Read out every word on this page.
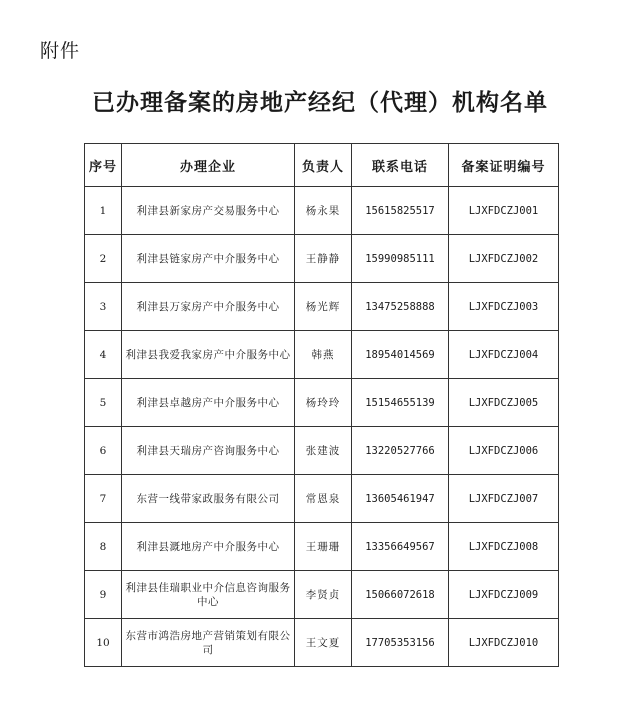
附件
已办理备案的房地产经纪（代理）机构名单
序号	办理企业	负责人	联系电话	备案证明编号
1	利津县新家房产交易服务中心	杨永果	15615825517	LJXFDCZJ001
2	利津县链家房产中介服务中心	王静静	15990985111	LJXFDCZJ002
3	利津县万家房产中介服务中心	杨光辉	13475258888	LJXFDCZJ003
4	利津县我爱我家房产中介服务中心	韩燕	18954014569	LJXFDCZJ004
5	利津县卓越房产中介服务中心	杨玲玲	15154655139	LJXFDCZJ005
6	利津县天瑞房产咨询服务中心	张建波	13220527766	LJXFDCZJ006
7	东营一线带家政服务有限公司	常恩泉	13605461947	LJXFDCZJ007
8	利津县溉地房产中介服务中心	王珊珊	13356649567	LJXFDCZJ008
9	利津县佳瑞职业中介信息咨询服务中心	李贤贞	15066072618	LJXFDCZJ009
10	东营市鸿浩房地产营销策划有限公司	王文夏	17705353156	LJXFDCZJ010
